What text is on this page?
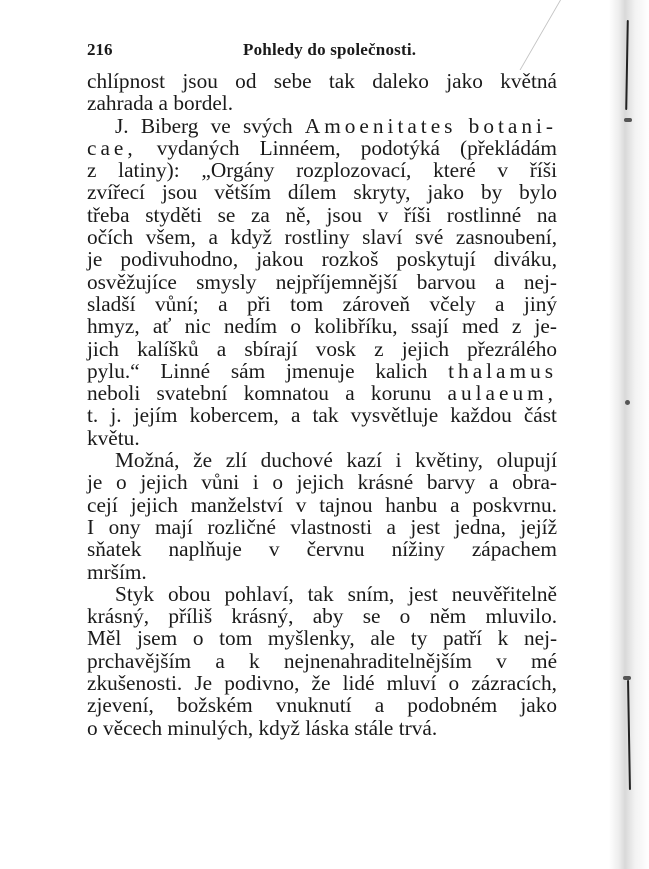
216	Pohledy do společnosti.
chlípnost jsou od sebe tak daleko jako květná
zahrada a bordel.
J. Biberg ve svých Amoenitates botani-
cae, vydaných Linnéem, podotýká (překládám
z latiny): „Orgány rozplozovací, které v říši
zvířecí jsou větším dílem skryty, jako by bylo
třeba styděti se za ně, jsou v říši rostlinné na
očích všem, a když rostliny slaví své zasnoubení,
je podivuhodno, jakou rozkoš poskytují diváku,
osvěžujíce smysly nejpříjemnější barvou a nej-
sladší vůní; a při tom zároveň včely a jiný
hmyz, ať nic nedím o kolibříku, ssají med z je-
jich kalíšků a sbírají vosk z jejich přezrálého
pylu.“ Linné sám jmenuje kalich thalamus
neboli svatební komnatou a korunu aulaeum,
t. j. jejím kobercem, a tak vysvětluje každou část
květu.
Možná, že zlí duchové kazí i květiny, olupují
je o jejich vůni i o jejich krásné barvy a obra-
cejí jejich manželství v tajnou hanbu a poskvrnu.
I ony mají rozličné vlastnosti a jest jedna, jejíž
sňatek naplňuje v červnu nížiny zápachem
mrším.
Styk obou pohlaví, tak sním, jest neuvěřitelně
krásný, příliš krásný, aby se o něm mluvilo.
Měl jsem o tom myšlenky, ale ty patří k nej-
prchavějším a k nejnenahraditelnějším v mé
zkušenosti. Je podivno, že lidé mluví o zázracích,
zjevení, božském vnuknutí a podobném jako
o věcech minulých, když láska stále trvá.
